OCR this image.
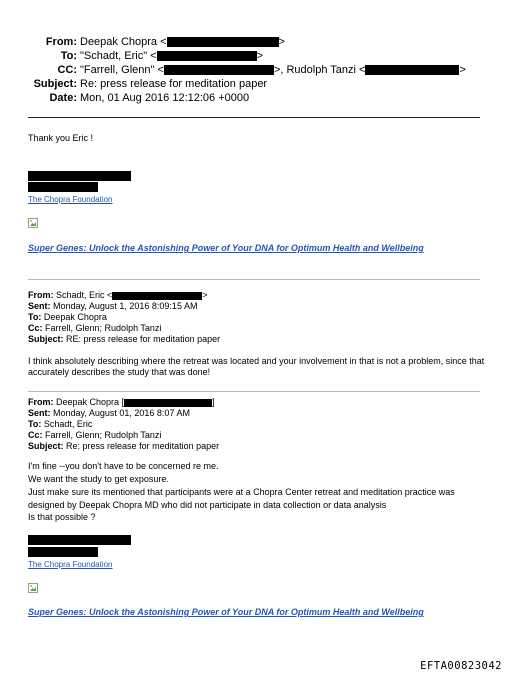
From: Deepak Chopra <	>
To: "Schadt, Eric" <	>
CC: "Farrell, Glenn" <	>, Rudolph Tanzi <	>
Subject: Re: press release for meditation paper
Date: Mon, 01 Aug 2016 12:12:06 +0000
Thank you Eric !
The Chopra Foundation
Super Genes: Unlock the Astonishing Power of Your DNA for Optimum Health and Wellbeing
From: Schadt, Eric <	>
Sent: Monday, August 1, 2016 8:09:15 AM
To: Deepak Chopra
Cc: Farrell, Glenn; Rudolph Tanzi
Subject: RE: press release for meditation paper
I think absolutely describing where the retreat was located and your involvement in that is not a problem, since that
accurately describes the study that was done!
From: Deepak Chopra [	]
Sent: Monday, August 01, 2016 8:07 AM
To: Schadt, Eric
Cc: Farrell, Glenn; Rudolph Tanzi
Subject: Re: press release for meditation paper
I'm fine --you don't have to be concerned re me.
We want the study to get exposure.
Just make sure its mentioned that participants were at a Chopra Center retreat and meditation practice was
designed by Deepak Chopra MD who did not participate in data collection or data analysis
Is that possible ?
The Chopra Foundation
Super Genes: Unlock the Astonishing Power of Your DNA for Optimum Health and Wellbeing
EFTA00823042
